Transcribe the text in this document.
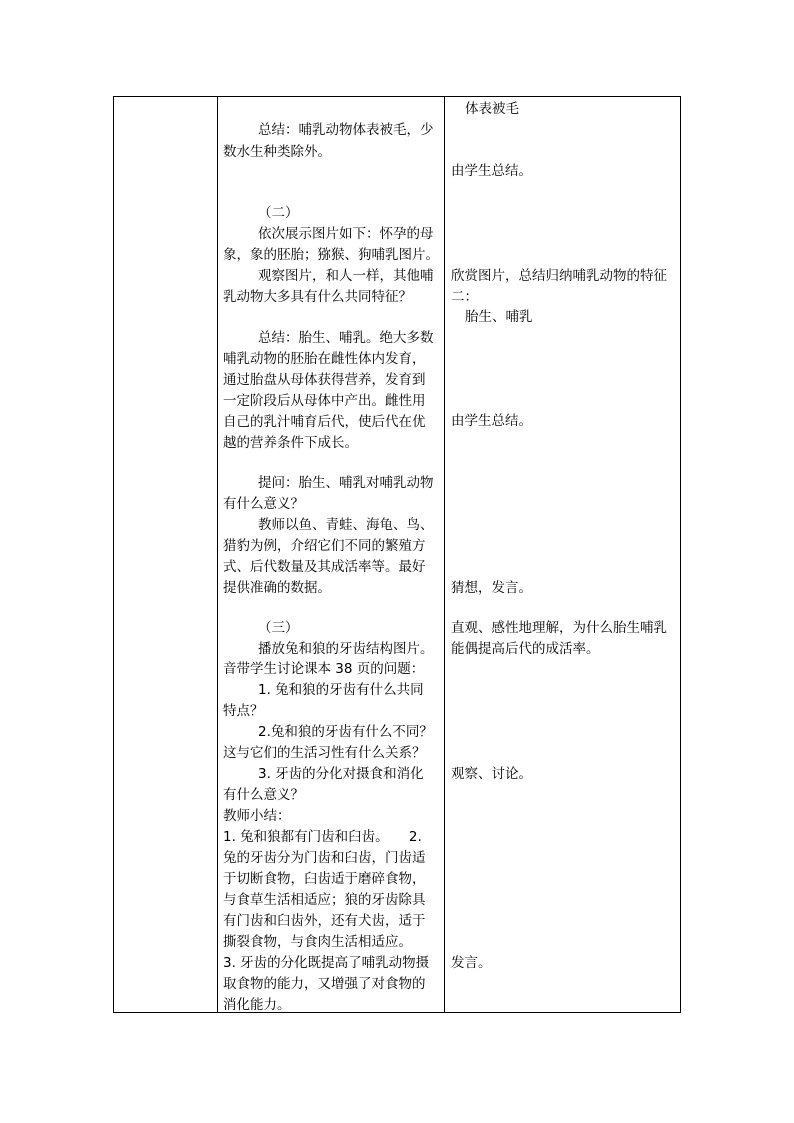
总结：哺乳动物体表被毛，少
数水生种类除外。
（二）
依次展示图片如下：怀孕的母
象，象的胚胎；猕猴、狗哺乳图片。
观察图片，和人一样，其他哺
乳动物大多具有什么共同特征？
总结：胎生、哺乳。绝大多数
哺乳动物的胚胎在雌性体内发育，
通过胎盘从母体获得营养，发育到
一定阶段后从母体中产出。雌性用
自己的乳汁哺育后代，使后代在优
越的营养条件下成长。
提问：胎生、哺乳对哺乳动物
有什么意义？
教师以鱼、青蛙、海龟、鸟、
猎豹为例，介绍它们不同的繁殖方
式、后代数量及其成活率等。最好
提供准确的数据。
（三）
播放兔和狼的牙齿结构图片。
音带学生讨论课本 38 页的问题：
1. 兔和狼的牙齿有什么共同
特点？
2.兔和狼的牙齿有什么不同？
这与它们的生活习性有什么关系？
3. 牙齿的分化对摄食和消化
有什么意义？
教师小结：
1. 兔和狼都有门齿和臼齿。　　2.
兔的牙齿分为门齿和臼齿，门齿适
于切断食物，臼齿适于磨碎食物，
与食草生活相适应；狼的牙齿除具
有门齿和臼齿外，还有犬齿，适于
撕裂食物，与食肉生活相适应。
3. 牙齿的分化既提高了哺乳动物摄
取食物的能力，又增强了对食物的
消化能力。
体表被毛
由学生总结。
欣赏图片，总结归纳哺乳动物的特征
二：
胎生、哺乳
由学生总结。
猜想，发言。
直观、感性地理解，为什么胎生哺乳
能偶提高后代的成活率。
观察、讨论。
发言。
